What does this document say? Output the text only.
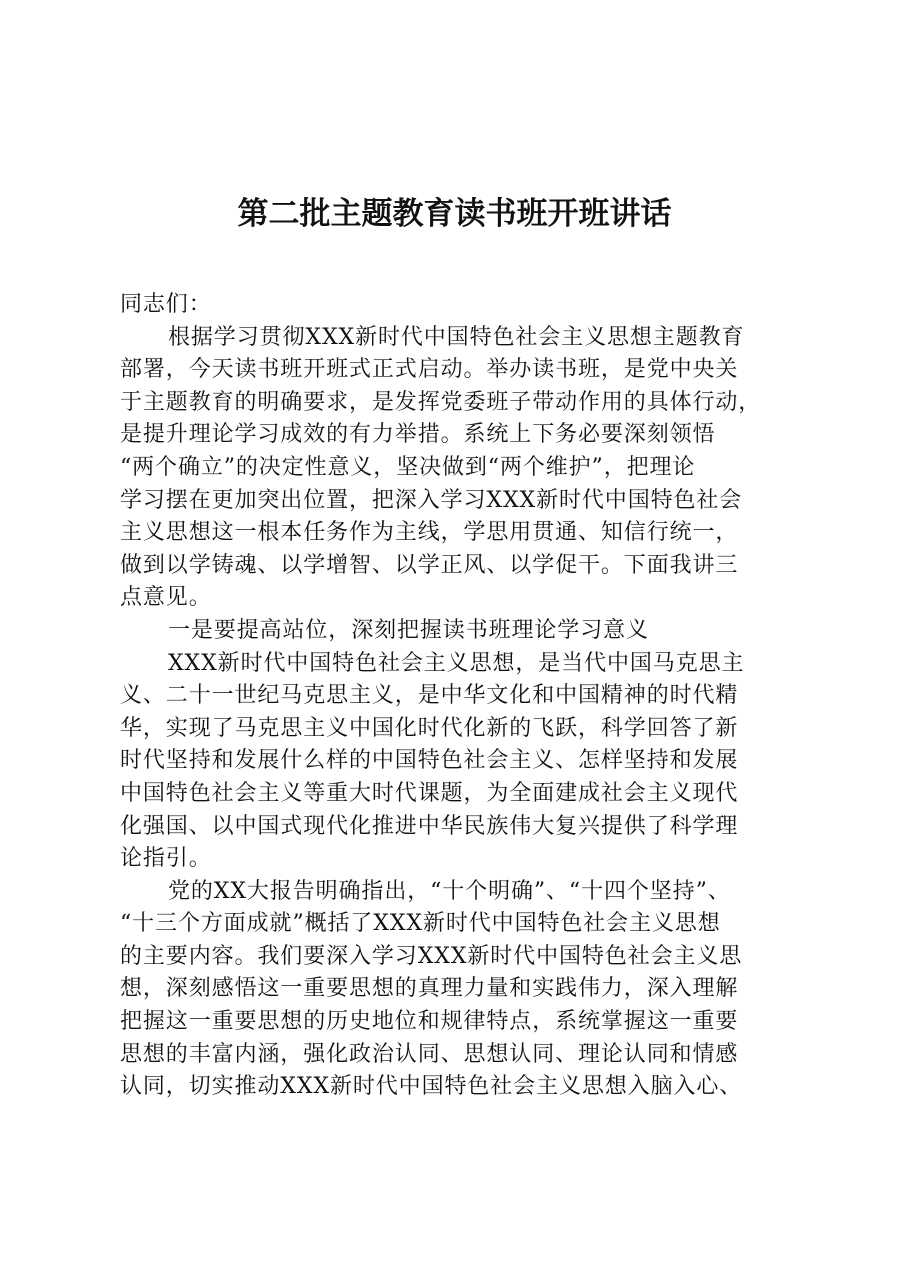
第二批主题教育读书班开班讲话
同志们：
根据学习贯彻XXX新时代中国特色社会主义思想主题教育
部署，今天读书班开班式正式启动。举办读书班，是党中央关
于主题教育的明确要求，是发挥党委班子带动作用的具体行动，
是提升理论学习成效的有力举措。系统上下务必要深刻领悟
“两个确立”的决定性意义，坚决做到“两个维护”，把理论
学习摆在更加突出位置，把深入学习XXX新时代中国特色社会
主义思想这一根本任务作为主线，学思用贯通、知信行统一，
做到以学铸魂、以学增智、以学正风、以学促干。下面我讲三
点意见。
一是要提高站位，深刻把握读书班理论学习意义
XXX新时代中国特色社会主义思想，是当代中国马克思主
义、二十一世纪马克思主义，是中华文化和中国精神的时代精
华，实现了马克思主义中国化时代化新的飞跃，科学回答了新
时代坚持和发展什么样的中国特色社会主义、怎样坚持和发展
中国特色社会主义等重大时代课题，为全面建成社会主义现代
化强国、以中国式现代化推进中华民族伟大复兴提供了科学理
论指引。
党的XX大报告明确指出，“十个明确”、“十四个坚持”、
“十三个方面成就”概括了XXX新时代中国特色社会主义思想
的主要内容。我们要深入学习XXX新时代中国特色社会主义思
想，深刻感悟这一重要思想的真理力量和实践伟力，深入理解
把握这一重要思想的历史地位和规律特点，系统掌握这一重要
思想的丰富内涵，强化政治认同、思想认同、理论认同和情感
认同，切实推动XXX新时代中国特色社会主义思想入脑入心、
